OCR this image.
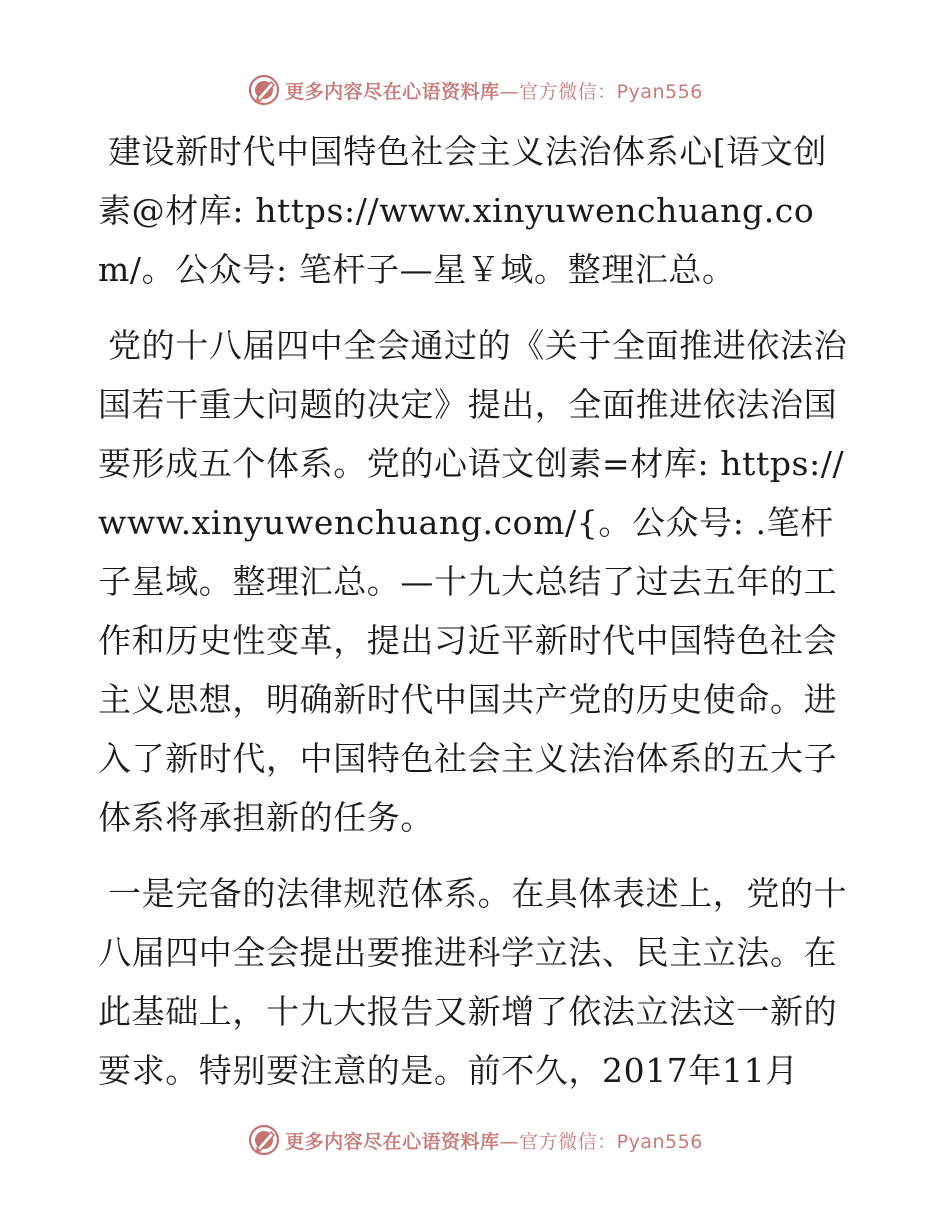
更多内容尽在心语资料库 —官方微信：Pyan556

建设新时代中国特色社会主义法治体系心[语文创素@材库: https://www.xinyuwenchuang.com/。公众号: 笔杆子—星￥域。整理汇总。

党的十八届四中全会通过的《关于全面推进依法治国若干重大问题的决定》提出，全面推进依法治国要形成五个体系。党的心语文创素=材库: https://www.xinyuwenchuang.com/{。公众号: .笔杆子星域。整理汇总。—十九大总结了过去五年的工作和历史性变革，提出习近平新时代中国特色社会主义思想，明确新时代中国共产党的历史使命。进入了新时代，中国特色社会主义法治体系的五大子体系将承担新的任务。

一是完备的法律规范体系。在具体表述上，党的十八届四中全会提出要推进科学立法、民主立法。在此基础上，十九大报告又新增了依法立法这一新的要求。特别要注意的是。前不久，2017年11月

更多内容尽在心语资料库 —官方微信：Pyan556
